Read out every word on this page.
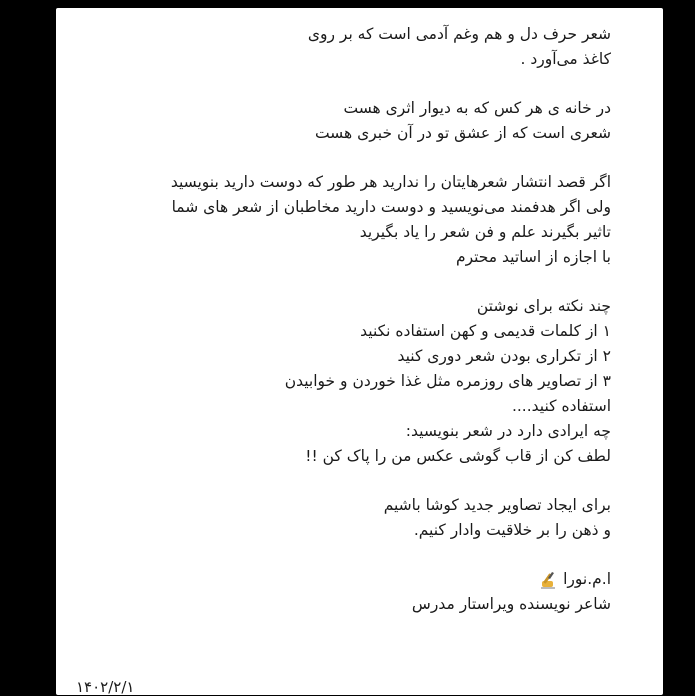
شعر حرف دل و هم وغم آدمی است که بر روی
کاغذ می‌آورد .
در خانه ی هر کس که به دیوار اثری هست
شعری است که از عشق تو در آن خبری هست
اگر قصد انتشار شعرهایتان را ندارید هر طور که دوست دارید بنویسید
ولی اگر هدفمند می‌نویسید و دوست دارید مخاطبان از شعر های شما
تاثیر بگیرند علم و فن شعر را یاد بگیرید
با اجازه از اساتید محترم
چند نکته برای نوشتن
۱ از کلمات قدیمی و کهن استفاده نکنید
۲ از تکراری بودن شعر دوری کنید
۳ از تصاویر های روزمره مثل غذا خوردن و خوابیدن
استفاده کنید....
چه ایرادی دارد در شعر بنویسید:
لطف کن از قاب گوشی عکس من را پاک کن !!
برای ایجاد تصاویر جدید کوشا باشیم
و ذهن را بر خلاقیت وادار کنیم.
ا.م.نورا
شاعر نویسنده ویراستار مدرس
۱۴۰۲/۲/۱
